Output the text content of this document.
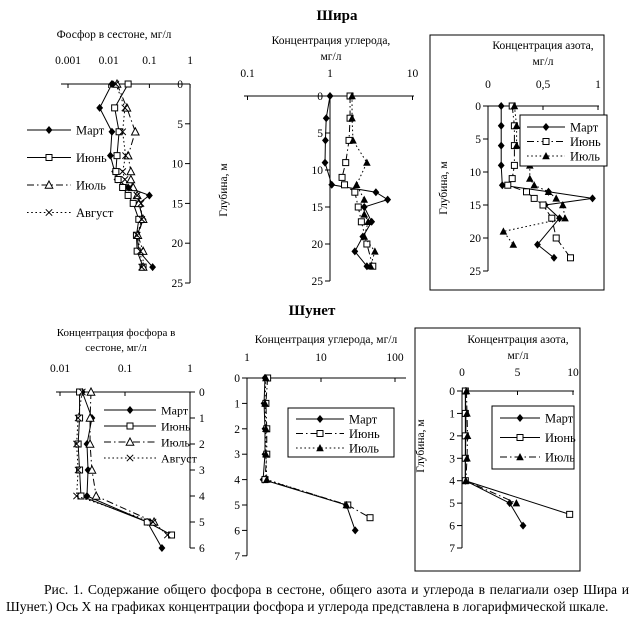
Шира
Шунет
Фосфор в сестоне, мг/л
0.001 0.01 0.1	1
0
5
10
15
20
25
Март
Июнь
Июль
Август
Концентрация углерода,
мг/л
0.1	1	10
0
5
10
15
20
25
Глубина, м
Концентрация азота,
мг/л
0	0,5	1
0
5
10
15
20
25
Глубина, м
Март
Июнь
Июль
Концентрация фосфора в
сестоне, мг/л
0.01	0.1	1
0
1
2
3
4
5
6
Март
Июнь
Июль
Август
Концентрация углерода, мг/л
1	10	100
0
1
2
3
4
5
6
7
Март
Июнь
Июль
Концентрация азота,
мг/л
0	5	10
0
1
2
3
4
5
6
7
Глубина, м
Март
Июнь
Июль
Рис. 1. Содержание общего фосфора в сестоне, общего азота и углерода в пелагиали озер Шира и Шунет.) Ось X на графиках концентрации фосфора и углерода представлена в логарифмической шкале.
